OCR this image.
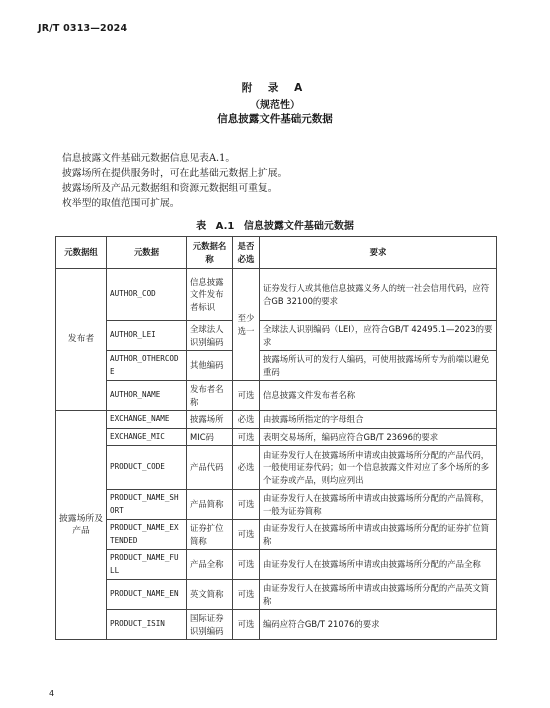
JR/T 0313—2024
附 录 A
（规范性）
信息披露文件基础元数据
信息披露文件基础元数据信息见表A.1。
披露场所在提供服务时，可在此基础元数据上扩展。
披露场所及产品元数据组和资源元数据组可重复。
枚举型的取值范围可扩展。
表 A.1 信息披露文件基础元数据
元数据组	元数据	元数据名称	是否必选	要求
发布者	AUTHOR_COD	信息披露文件发布者标识	至少选一	证券发行人或其他信息披露义务人的统一社会信用代码，应符合GB 32100的要求
	AUTHOR_LEI	全球法人识别编码		全球法人识别编码（LEI），应符合GB/T 42495.1—2023的要求
	AUTHOR_OTHERCODE	其他编码		披露场所认可的发行人编码，可使用披露场所专为前端以避免重码
	AUTHOR_NAME	发布者名称	可选	信息披露文件发布者名称
披露场所及产品	EXCHANGE_NAME	披露场所	必选	由披露场所指定的字母组合
	EXCHANGE_MIC	MIC码	可选	表明交易场所，编码应符合GB/T 23696的要求
	PRODUCT_CODE	产品代码	必选	由证券发行人在披露场所申请或由披露场所分配的产品代码，一般使用证券代码；如一个信息披露文件对应了多个场所的多个证券或产品，则均应列出
	PRODUCT_NAME_SHORT	产品简称	可选	由证券发行人在披露场所申请或由披露场所分配的产品简称，一般为证券简称
	PRODUCT_NAME_EXTENDED	证券扩位简称	可选	由证券发行人在披露场所申请或由披露场所分配的证券扩位简称
	PRODUCT_NAME_FULL	产品全称	可选	由证券发行人在披露场所申请或由披露场所分配的产品全称
	PRODUCT_NAME_EN	英文简称	可选	由证券发行人在披露场所申请或由披露场所分配的产品英文简称
	PRODUCT_ISIN	国际证券识别编码	可选	编码应符合GB/T 21076的要求
4
